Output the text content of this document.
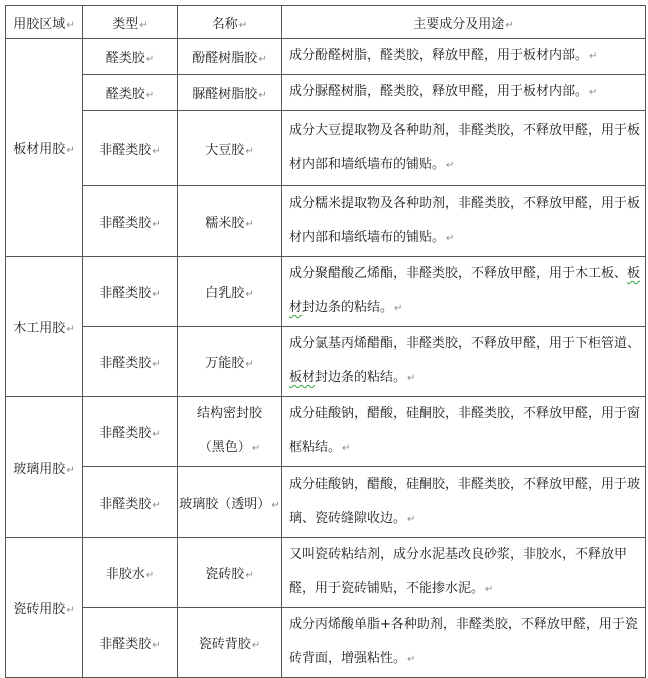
用胶区域↵	类型↵	名称↵	主要成分及用途↵
板材用胶↵	醛类胶↵	酚醛树脂胶↵	成分酚醛树脂，醛类胶，释放甲醛，用于板材内部。↵
	醛类胶↵	脲醛树脂胶↵	成分脲醛树脂，醛类胶，释放甲醛，用于板材内部。↵
	非醛类胶↵	大豆胶↵	成分大豆提取物及各种助剂，非醛类胶，不释放甲醛，用于板材内部和墙纸墙布的铺贴。↵
	非醛类胶↵	糯米胶↵	成分糯米提取物及各种助剂，非醛类胶，不释放甲醛，用于板材内部和墙纸墙布的铺贴。↵
木工用胶↵	非醛类胶↵	白乳胶↵	成分聚醋酸乙烯酯，非醛类胶，不释放甲醛，用于木工板、板材封边条的粘结。↵
	非醛类胶↵	万能胶↵	成分氯基丙烯醋酯，非醛类胶，不释放甲醛，用于下柜管道、板材封边条的粘结。↵
玻璃用胶↵	非醛类胶↵	结构密封胶
（黑色）↵	成分硅酸钠，醋酸，硅酮胶，非醛类胶，不释放甲醛，用于窗框粘结。↵
	非醛类胶↵	玻璃胶（透明）↵	成分硅酸钠，醋酸，硅酮胶，非醛类胶，不释放甲醛，用于玻璃、瓷砖缝隙收边。↵
瓷砖用胶↵	非胶水↵	瓷砖胶↵	又叫瓷砖粘结剂，成分水泥基改良砂浆，非胶水，不释放甲醛，用于瓷砖铺贴，不能掺水泥。↵
	非醛类胶↵	瓷砖背胶↵	成分丙烯酸单脂+各种助剂，非醛类胶，不释放甲醛，用于瓷砖背面，增强粘性。↵
